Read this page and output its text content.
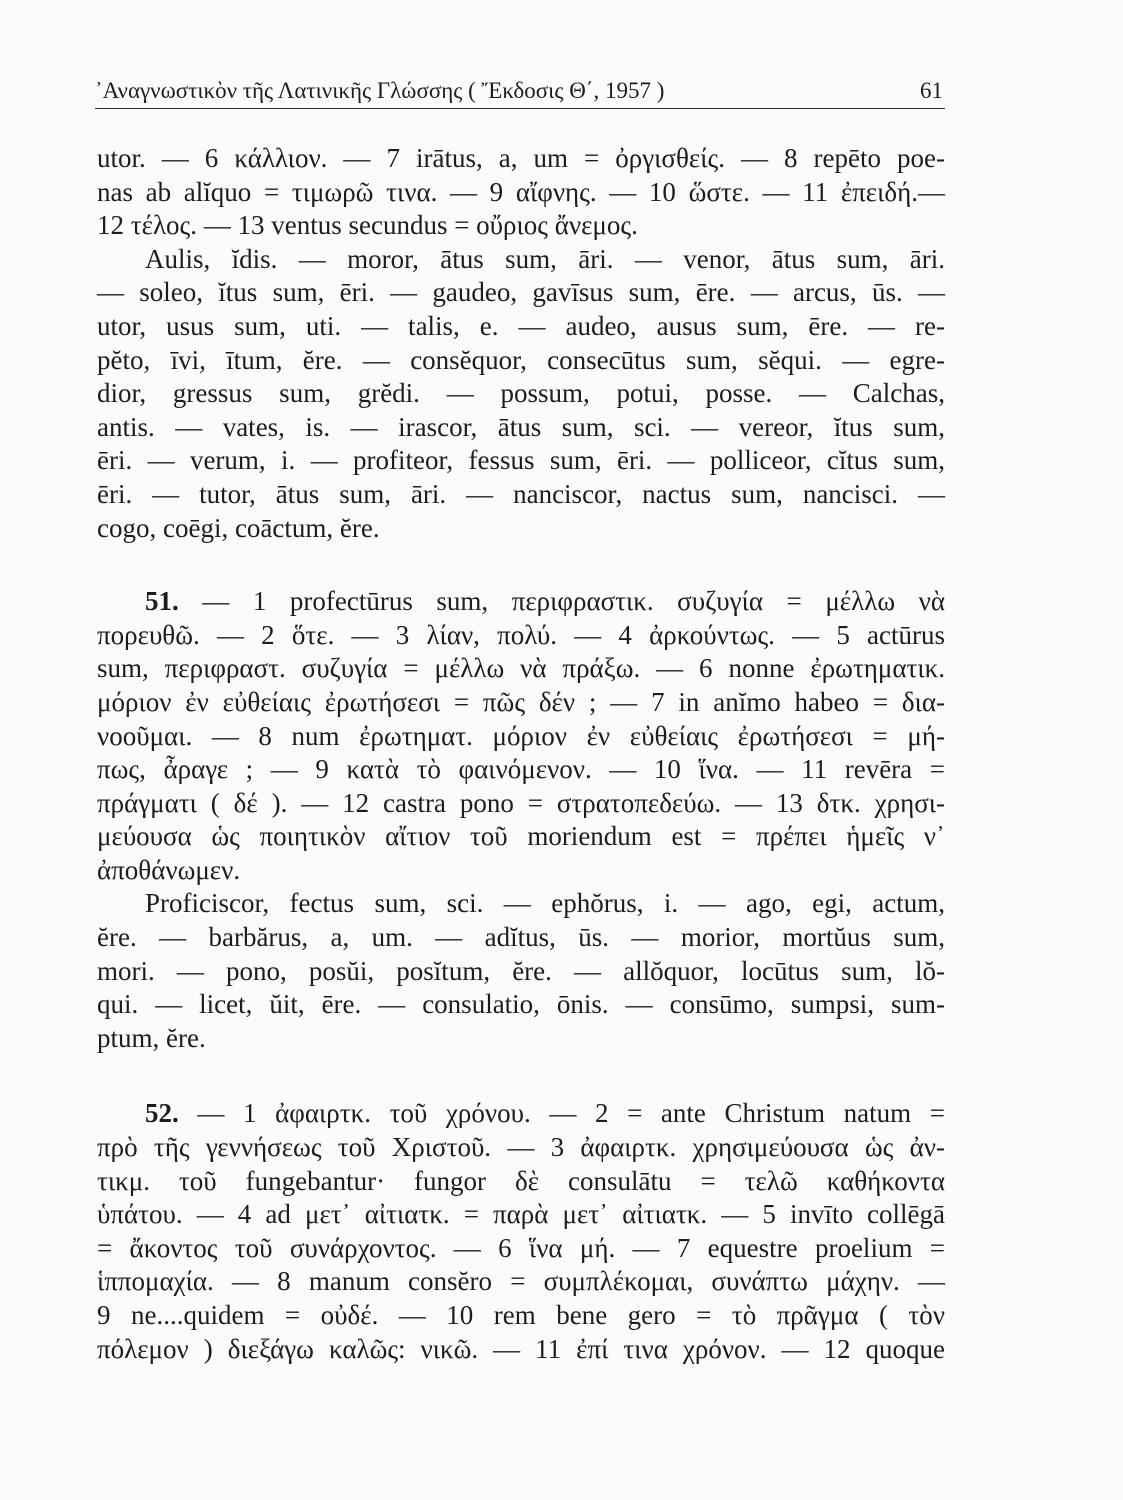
᾿Αναγνωστικὸν τῆς Λατινικῆς Γλώσσης ( Ἔκδοσις Θ΄, 1957 )	61
utor. — 6 κάλλιον. — 7 irātus, a, um = ὀργισθείς. — 8 repēto poe-
nas ab alĭquo = τιμωρῶ τινα. — 9 αἴφνης. — 10 ὥστε. — 11 ἐπειδή.—
12 τέλος. — 13 ventus secundus = οὔριος ἄνεμος.
Aulis, ĭdis. — moror, ātus sum, āri. — venor, ātus sum, āri.
— soleo, ĭtus sum, ēri. — gaudeo, gavīsus sum, ēre. — arcus, ūs. —
utor, usus sum, uti. — talis, e. — audeo, ausus sum, ēre. — re-
pĕto, īvi, ītum, ĕre. — consĕquor, consecūtus sum, sĕqui. — egre-
dior, gressus sum, grĕdi. — possum, potui, posse. — Calchas,
antis. — vates, is. — irascor, ātus sum, sci. — vereor, ĭtus sum,
ēri. — verum, i. — profiteor, fessus sum, ēri. — polliceor, cĭtus sum,
ēri. — tutor, ātus sum, āri. — nanciscor, nactus sum, nancisci. —
cogo, coēgi, coāctum, ĕre.
51. — 1 profectūrus sum, περιφραστικ. συζυγία = μέλλω νὰ
πορευθῶ. — 2 ὅτε. — 3 λίαν, πολύ. — 4 ἀρκούντως. — 5 actūrus
sum, περιφραστ. συζυγία = μέλλω νὰ πράξω. — 6 nonne ἐρωτηματικ.
μόριον ἐν εὐθείαις ἐρωτήσεσι = πῶς δέν ; — 7 in anĭmo habeo = δια-
νοοῦμαι. — 8 num ἐρωτηματ. μόριον ἐν εὐθείαις ἐρωτήσεσι = μή-
πως, ἆραγε ; — 9 κατὰ τὸ φαινόμενον. — 10 ἵνα. — 11 revēra =
πράγματι ( δέ ). — 12 castra pono = στρατοπεδεύω. — 13 δτκ. χρησι-
μεύουσα ὡς ποιητικὸν αἴτιον τοῦ moriendum est = πρέπει ἡμεῖς ν᾿
ἀποθάνωμεν.
Proficiscor, fectus sum, sci. — ephŏrus, i. — ago, egi, actum,
ĕre. — barbărus, a, um. — adĭtus, ūs. — morior, mortŭus sum,
mori. — pono, posŭi, posĭtum, ĕre. — allŏquor, locūtus sum, lŏ-
qui. — licet, ŭit, ēre. — consulatio, ōnis. — consūmo, sumpsi, sum-
ptum, ĕre.
52. — 1 ἀφαιρτκ. τοῦ χρόνου. — 2 = ante Christum natum =
πρὸ τῆς γεννήσεως τοῦ Χριστοῦ. — 3 ἀφαιρτκ. χρησιμεύουσα ὡς ἀν-
τικμ. τοῦ fungebantur· fungor δὲ consulātu = τελῶ καθήκοντα
ὑπάτου. — 4 ad μετ᾿ αἰτιατκ. = παρὰ μετ᾿ αἰτιατκ. — 5 invīto collēgā
= ἄκοντος τοῦ συνάρχοντος. — 6 ἵνα μή. — 7 equestre proelium =
ἱππομαχία. — 8 manum consĕro = συμπλέκομαι, συνάπτω μάχην. —
9 ne....quidem = οὐδέ. — 10 rem bene gero = τὸ πρᾶγμα ( τὸν
πόλεμον ) διεξάγω καλῶς: νικῶ. — 11 ἐπί τινα χρόνον. — 12 quoque
